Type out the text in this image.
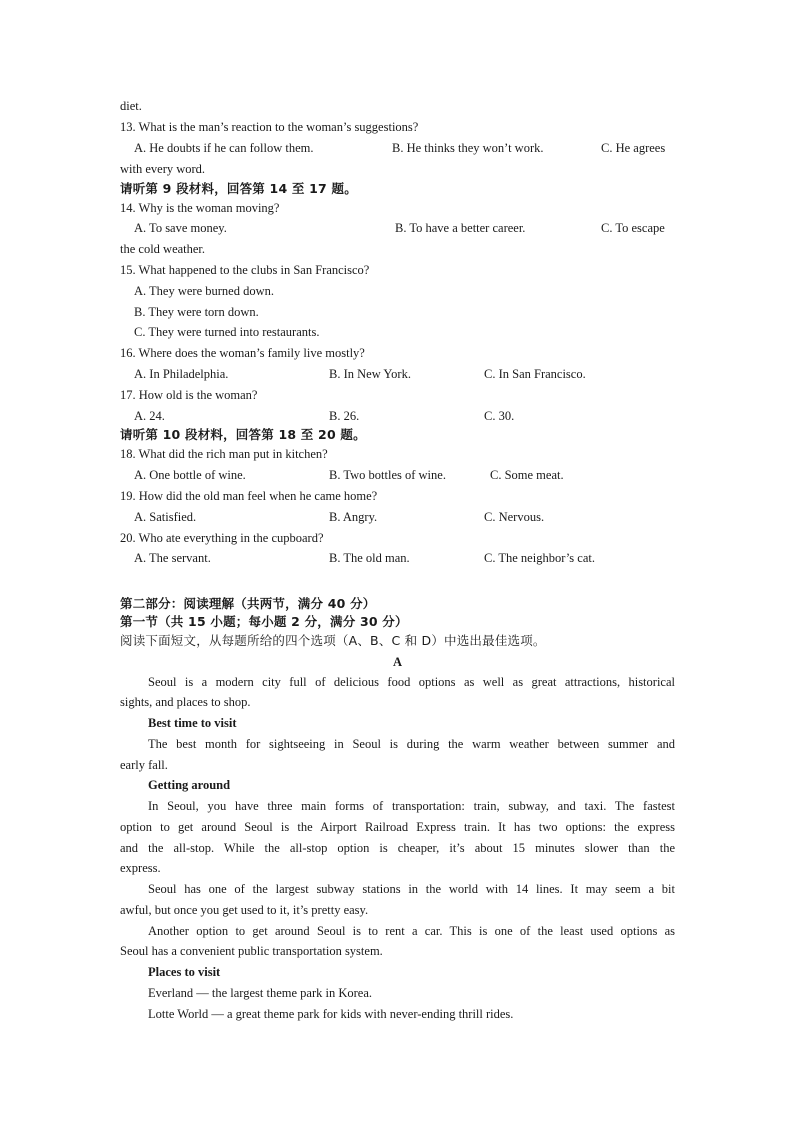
diet.
13. What is the man’s reaction to the woman’s suggestions?
A. He doubts if he can follow them.	B. He thinks they won’t work.	C. He agrees
with every word.
请听第 9 段材料，回答第 14 至 17 题。
14. Why is the woman moving?
A. To save money.	B. To have a better career.	C. To escape
the cold weather.
15. What happened to the clubs in San Francisco?
A. They were burned down.
B. They were torn down.
C. They were turned into restaurants.
16. Where does the woman’s family live mostly?
A. In Philadelphia.	B. In New York.	C. In San Francisco.
17. How old is the woman?
A. 24.	B. 26.	C. 30.
请听第 10 段材料，回答第 18 至 20 题。
18. What did the rich man put in kitchen?
A. One bottle of wine.	B. Two bottles of wine.	C. Some meat.
19. How did the old man feel when he came home?
A. Satisfied.	B. Angry.	C. Nervous.
20. Who ate everything in the cupboard?
A. The servant.	B. The old man.	C. The neighbor’s cat.
第二部分：阅读理解（共两节，满分 40 分）
第一节（共 15 小题；每小题 2 分，满分 30 分）
阅读下面短文，从每题所给的四个选项（A、B、C 和 D）中选出最佳选项。
A
Seoul is a modern city full of delicious food options as well as great attractions, historical
sights, and places to shop.
Best time to visit
The best month for sightseeing in Seoul is during the warm weather between summer and
early fall.
Getting around
In Seoul, you have three main forms of transportation: train, subway, and taxi. The fastest
option to get around Seoul is the Airport Railroad Express train. It has two options: the express
and the all-stop. While the all-stop option is cheaper, it’s about 15 minutes slower than the
express.
Seoul has one of the largest subway stations in the world with 14 lines. It may seem a bit
awful, but once you get used to it, it’s pretty easy.
Another option to get around Seoul is to rent a car. This is one of the least used options as
Seoul has a convenient public transportation system.
Places to visit
Everland — the largest theme park in Korea.
Lotte World — a great theme park for kids with never-ending thrill rides.
